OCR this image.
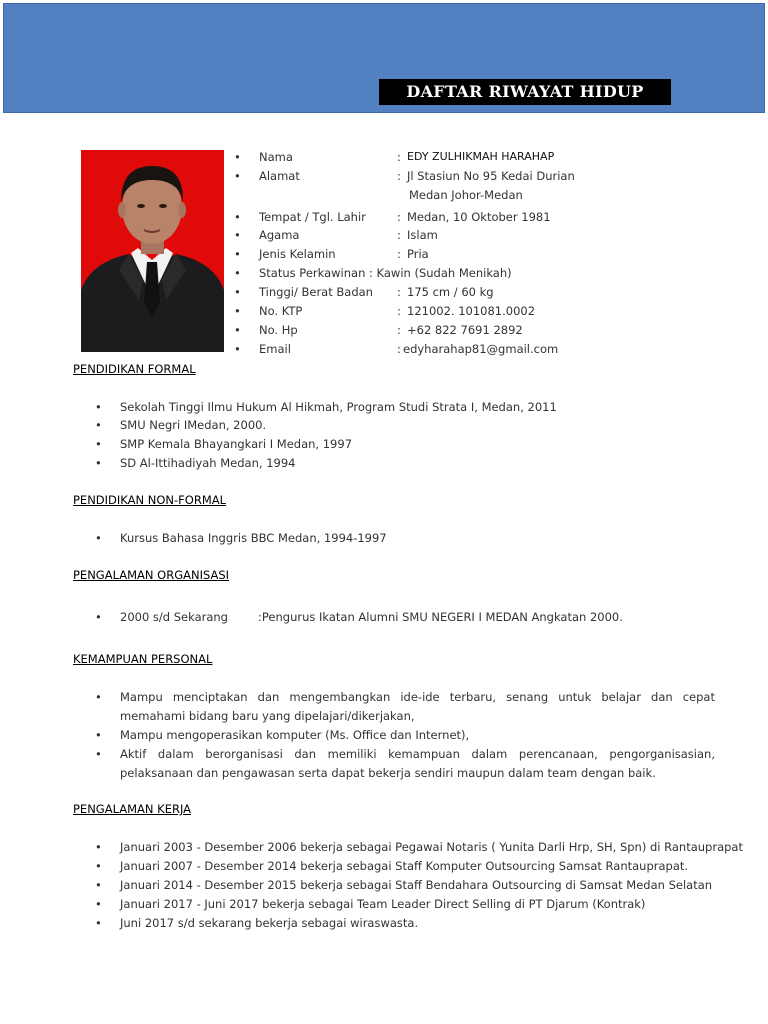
DAFTAR RIWAYAT HIDUP
• Nama	: EDY ZULHIKMAH HARAHAP
• Alamat	: Jl Stasiun No 95 Kedai Durian
Medan Johor-Medan
• Tempat / Tgl. Lahir	: Medan, 10 Oktober 1981
• Agama	: Islam
• Jenis Kelamin	: Pria
• Status Perkawinan : Kawin (Sudah Menikah)
• Tinggi/ Berat Badan : 175 cm / 60 kg
• No. KTP	: 121002. 101081.0002
• No. Hp	: +62 822 7691 2892
• Email	: edyharahap81@gmail.com
PENDIDIKAN FORMAL
• Sekolah Tinggi Ilmu Hukum Al Hikmah, Program Studi Strata I, Medan, 2011
• SMU Negri IMedan, 2000.
• SMP Kemala Bhayangkari I Medan, 1997
• SD Al-Ittihadiyah Medan, 1994
PENDIDIKAN NON-FORMAL
• Kursus Bahasa Inggris BBC Medan, 1994-1997
PENGALAMAN ORGANISASI
• 2000 s/d Sekarang	:Pengurus Ikatan Alumni SMU NEGERI I MEDAN Angkatan 2000.
KEMAMPUAN PERSONAL
• Mampu menciptakan dan mengembangkan ide-ide terbaru, senang untuk belajar dan cepat memahami bidang baru yang dipelajari/dikerjakan,
• Mampu mengoperasikan komputer (Ms. Office dan Internet),
• Aktif dalam berorganisasi dan memiliki kemampuan dalam perencanaan, pengorganisasian, pelaksanaan dan pengawasan serta dapat bekerja sendiri maupun dalam team dengan baik.
PENGALAMAN KERJA
• Januari 2003 - Desember 2006 bekerja sebagai Pegawai Notaris ( Yunita Darli Hrp, SH, Spn) di Rantauprapat
• Januari 2007 - Desember 2014 bekerja sebagai Staff Komputer Outsourcing Samsat Rantauprapat.
• Januari 2014 - Desember 2015 bekerja sebagai Staff Bendahara Outsourcing di Samsat Medan Selatan
• Januari 2017 - Juni 2017 bekerja sebagai Team Leader Direct Selling di PT Djarum (Kontrak)
• Juni 2017 s/d sekarang bekerja sebagai wiraswasta.
